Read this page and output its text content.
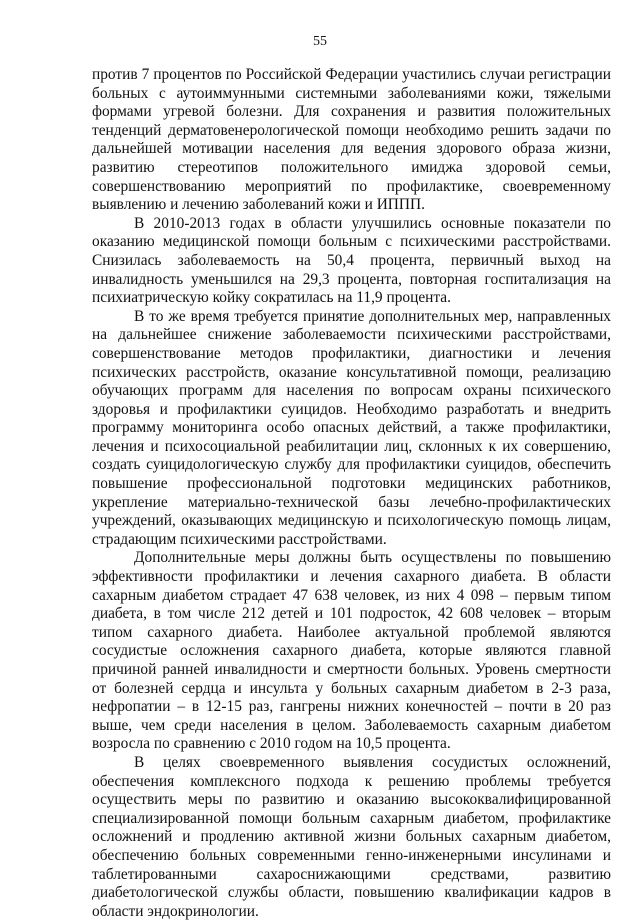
55

против 7 процентов по Российской Федерации участились случаи регистрации больных с аутоиммунными системными заболеваниями кожи, тяжелыми формами угревой болезни. Для сохранения и развития положительных тенденций дерматовенерологической помощи необходимо решить задачи по дальнейшей мотивации населения для ведения здорового образа жизни, развитию стереотипов положительного имиджа здоровой семьи, совершенствованию мероприятий по профилактике, своевременному выявлению и лечению заболеваний кожи и ИППП.

В 2010-2013 годах в области улучшились основные показатели по оказанию медицинской помощи больным с психическими расстройствами. Снизилась заболеваемость на 50,4 процента, первичный выход на инвалидность уменьшился на 29,3 процента, повторная госпитализация на психиатрическую койку сократилась на 11,9 процента.

В то же время требуется принятие дополнительных мер, направленных на дальнейшее снижение заболеваемости психическими расстройствами, совершенствование методов профилактики, диагностики и лечения психических расстройств, оказание консультативной помощи, реализацию обучающих программ для населения по вопросам охраны психического здоровья и профилактики суицидов. Необходимо разработать и внедрить программу мониторинга особо опасных действий, а также профилактики, лечения и психосоциальной реабилитации лиц, склонных к их совершению, создать суицидологическую службу для профилактики суицидов, обеспечить повышение профессиональной подготовки медицинских работников, укрепление материально-технической базы лечебно-профилактических учреждений, оказывающих медицинскую и психологическую помощь лицам, страдающим психическими расстройствами.

Дополнительные меры должны быть осуществлены по повышению эффективности профилактики и лечения сахарного диабета. В области сахарным диабетом страдает 47 638 человек, из них 4 098 – первым типом диабета, в том числе 212 детей и 101 подросток, 42 608 человек – вторым типом сахарного диабета. Наиболее актуальной проблемой являются сосудистые осложнения сахарного диабета, которые являются главной причиной ранней инвалидности и смертности больных. Уровень смертности от болезней сердца и инсульта у больных сахарным диабетом в 2-3 раза, нефропатии – в 12-15 раз, гангрены нижних конечностей – почти в 20 раз выше, чем среди населения в целом. Заболеваемость сахарным диабетом возросла по сравнению с 2010 годом на 10,5 процента.

В целях своевременного выявления сосудистых осложнений, обеспечения комплексного подхода к решению проблемы требуется осуществить меры по развитию и оказанию высококвалифицированной специализированной помощи больным сахарным диабетом, профилактике осложнений и продлению активной жизни больных сахарным диабетом, обеспечению больных современными генно-инженерными инсулинами и таблетированными сахароснижающими средствами, развитию диабетологической службы области, повышению квалификации кадров в области эндокринологии.
